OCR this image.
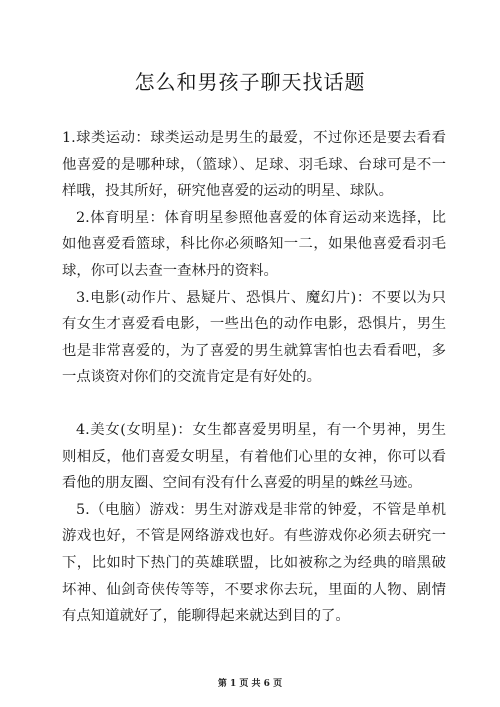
怎么和男孩子聊天找话题

1.球类运动：球类运动是男生的最爱，不过你还是要去看看他喜爱的是哪种球，（篮球）、足球、羽毛球、台球可是不一样哦，投其所好，研究他喜爱的运动的明星、球队。

2.体育明星：体育明星参照他喜爱的体育运动来选择，比如他喜爱看篮球，科比你必须略知一二，如果他喜爱看羽毛球，你可以去查一查林丹的资料。

3.电影(动作片、悬疑片、恐惧片、魔幻片)：不要以为只有女生才喜爱看电影，一些出色的动作电影，恐惧片，男生也是非常喜爱的，为了喜爱的男生就算害怕也去看看吧，多一点谈资对你们的交流肯定是有好处的。

4.美女(女明星)：女生都喜爱男明星，有一个男神，男生则相反，他们喜爱女明星，有着他们心里的女神，你可以看看他的朋友圈、空间有没有什么喜爱的明星的蛛丝马迹。

5.（电脑）游戏：男生对游戏是非常的钟爱，不管是单机游戏也好，不管是网络游戏也好。有些游戏你必须去研究一下，比如时下热门的英雄联盟，比如被称之为经典的暗黑破坏神、仙剑奇侠传等等，不要求你去玩，里面的人物、剧情有点知道就好了，能聊得起来就达到目的了。

第 1 页 共 6 页
